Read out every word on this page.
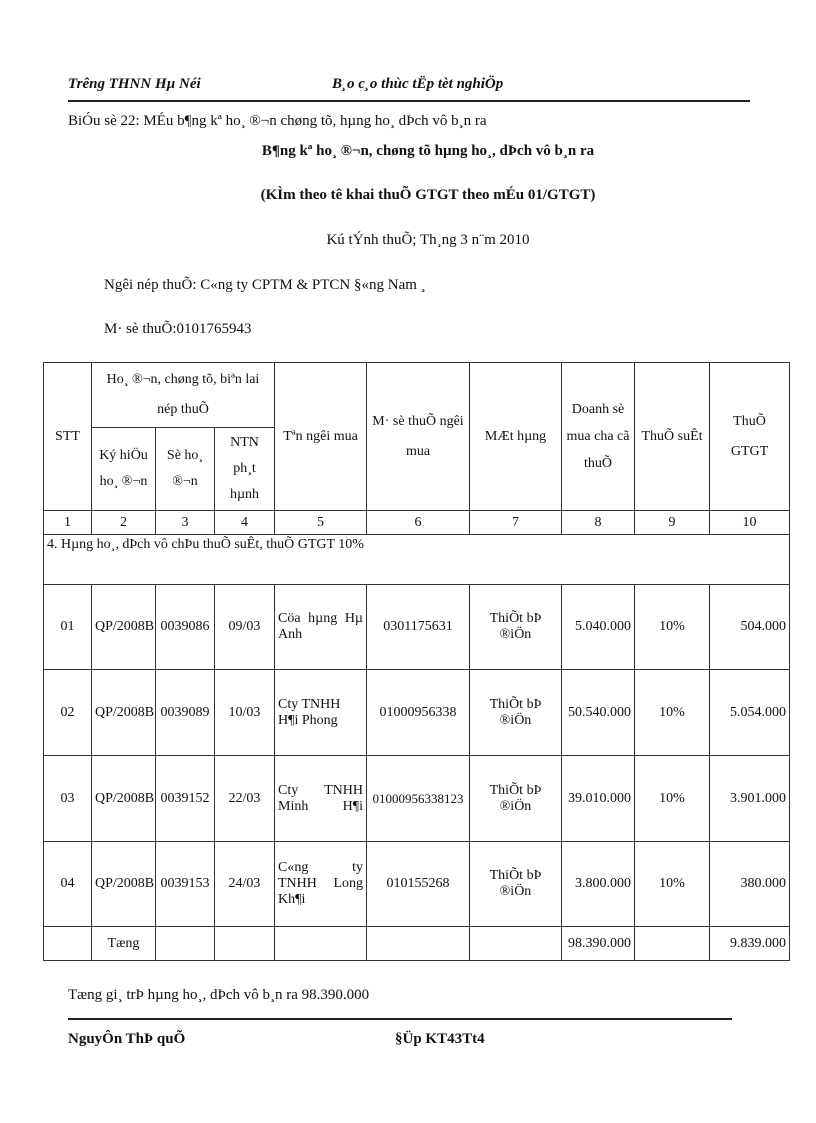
Trêng THNN Hµ Néi	B¸o c¸o thùc tËp tèt nghiÖp
BiÓu sè 22: MÉu b¶ng kª ho¸ ®¬n chøng tõ, hµng ho¸ dÞch vô b¸n ra
B¶ng kª ho¸ ®¬n, chøng tõ hµng ho¸, dÞch vô b¸n ra
(KÌm theo tê khai thuÕ GTGT theo mÉu 01/GTGT)
Kú tÝnh thuÕ; Th¸ng 3 n¨m 2010
Ngêi nép thuÕ: C«ng ty CPTM & PTCN §«ng Nam ¸
M· sè thuÕ:0101765943
STT	Ho¸ ®¬n, chøng tõ, biªn lai nép thuÕ			Tªn ngêi mua	M· sè thuÕ ngêi mua	MÆt hµng	Doanh sè mua cha cã thuÕ	ThuÕ suÊt	ThuÕ GTGT
	Ký hiÖu ho¸ ®¬n	Sè ho¸ ®¬n	NTN ph¸t hµnh						
1	2	3	4	5	6	7	8	9	10
4. Hµng ho¸, dÞch vô chÞu thuÕ suÊt, thuÕ GTGT 10%									
01	QP/2008B	0039086	09/03	Cöa hµng Hµ Anh	0301175631	ThiÕt bÞ ®iÖn	5.040.000	10%	504.000
02	QP/2008B	0039089	10/03	Cty TNHH H¶i Phong	01000956338	ThiÕt bÞ ®iÖn	50.540.000	10%	5.054.000
03	QP/2008B	0039152	22/03	Cty TNHH Minh H¶i	01000956338123	ThiÕt bÞ ®iÖn	39.010.000	10%	3.901.000
04	QP/2008B	0039153	24/03	C«ng ty TNHH Long Kh¶i	010155268	ThiÕt bÞ ®iÖn	3.800.000	10%	380.000
	Tæng						98.390.000		9.839.000
Tæng gi¸ trÞ hµng ho¸, dÞch vô b¸n ra 98.390.000
NguyÔn ThÞ quÕ	§Üp KT43Tt4
